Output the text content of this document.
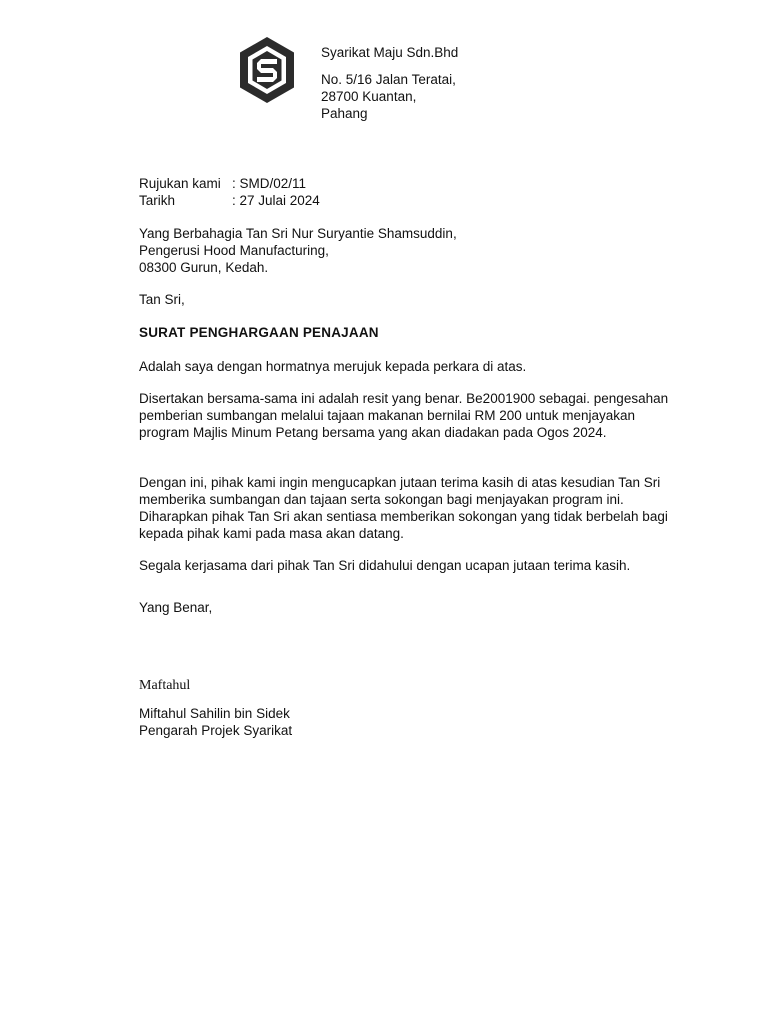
Syarikat Maju Sdn.Bhd
No. 5/16 Jalan Teratai,
28700 Kuantan,
Pahang
Rujukan kami : SMD/02/11
Tarikh	: 27 Julai 2024
Yang Berbahagia Tan Sri Nur Suryantie Shamsuddin,
Pengerusi Hood Manufacturing,
08300 Gurun, Kedah.
Tan Sri,
SURAT PENGHARGAAN PENAJAAN
Adalah saya dengan hormatnya merujuk kepada perkara di atas.
Disertakan bersama-sama ini adalah resit yang benar. Be2001900 sebagai. pengesahan pemberian sumbangan melalui tajaan makanan bernilai RM 200 untuk menjayakan program Majlis Minum Petang bersama yang akan diadakan pada Ogos 2024.
Dengan ini, pihak kami ingin mengucapkan jutaan terima kasih di atas kesudian Tan Sri memberika sumbangan dan tajaan serta sokongan bagi menjayakan program ini. Diharapkan pihak Tan Sri akan sentiasa memberikan sokongan yang tidak berbelah bagi kepada pihak kami pada masa akan datang.
Segala kerjasama dari pihak Tan Sri didahului dengan ucapan jutaan terima kasih.
Yang Benar,
Maftahul
Miftahul Sahilin bin Sidek
Pengarah Projek Syarikat
